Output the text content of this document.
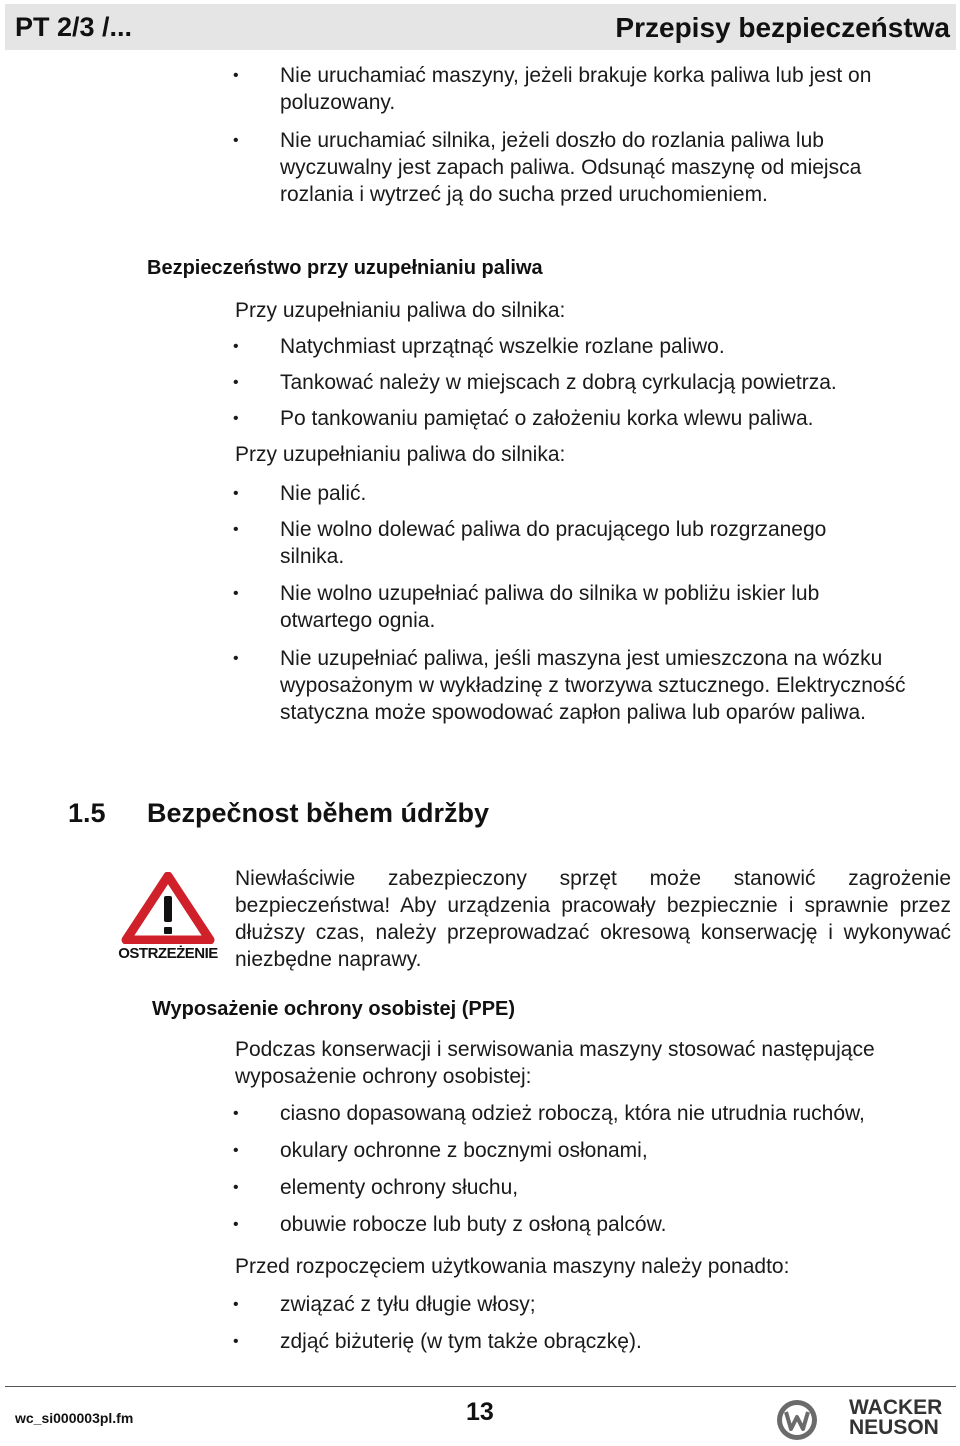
PT 2/3 /...	Przepisy bezpieczeństwa
• Nie uruchamiać maszyny, jeżeli brakuje korka paliwa lub jest on poluzowany.
• Nie uruchamiać silnika, jeżeli doszło do rozlania paliwa lub wyczuwalny jest zapach paliwa. Odsunąć maszynę od miejsca rozlania i wytrzeć ją do sucha przed uruchomieniem.
Bezpieczeństwo przy uzupełnianiu paliwa
Przy uzupełnianiu paliwa do silnika:
• Natychmiast uprzątnąć wszelkie rozlane paliwo.
• Tankować należy w miejscach z dobrą cyrkulacją powietrza.
• Po tankowaniu pamiętać o założeniu korka wlewu paliwa.
Przy uzupełnianiu paliwa do silnika:
• Nie palić.
• Nie wolno dolewać paliwa do pracującego lub rozgrzanego silnika.
• Nie wolno uzupełniać paliwa do silnika w pobliżu iskier lub otwartego ognia.
• Nie uzupełniać paliwa, jeśli maszyna jest umieszczona na wózku wyposażonym w wykładzinę z tworzywa sztucznego. Elektryczność statyczna może spowodować zapłon paliwa lub oparów paliwa.
1.5 Bezpečnost během údržby
OSTRZEŻENIE
Niewłaściwie zabezpieczony sprzęt może stanowić zagrożenie bezpieczeństwa! Aby urządzenia pracowały bezpiecznie i sprawnie przez dłuższy czas, należy przeprowadzać okresową konserwację i wykonywać niezbędne naprawy.
Wyposażenie ochrony osobistej (PPE)
Podczas konserwacji i serwisowania maszyny stosować następujące wyposażenie ochrony osobistej:
• ciasno dopasowaną odzież roboczą, która nie utrudnia ruchów,
• okulary ochronne z bocznymi osłonami,
• elementy ochrony słuchu,
• obuwie robocze lub buty z osłoną palców.
Przed rozpoczęciem użytkowania maszyny należy ponadto:
• związać z tyłu długie włosy;
• zdjąć biżuterię (w tym także obrączkę).
wc_si000003pl.fm	13	WACKER
NEUSON
